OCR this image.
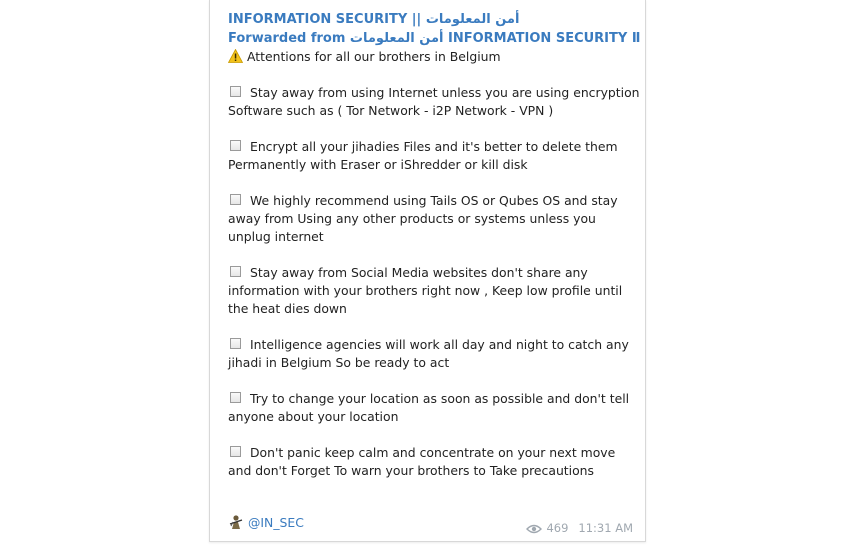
INFORMATION SECURITY || أمن المعلومات
Forwarded from أمن المعلومات INFORMATION SECURITY Ⅱ
Attentions for all our brothers in Belgium
Stay away from using Internet unless you are using encryption Software such as ( Tor Network - i2P Network - VPN )
Encrypt all your jihadies Files and it's better to delete them Permanently with Eraser or iShredder or kill disk
We highly recommend using Tails OS or Qubes OS and stay away from Using any other products or systems unless you unplug internet
Stay away from Social Media websites don't share any information with your brothers right now , Keep low profile until the heat dies down
Intelligence agencies will work all day and night to catch any jihadi in Belgium So be ready to act
Try to change your location as soon as possible and don't tell anyone about your location
Don't panic keep calm and concentrate on your next move and don't Forget To warn your brothers to Take precautions
@IN_SEC	469 11:31 AM
